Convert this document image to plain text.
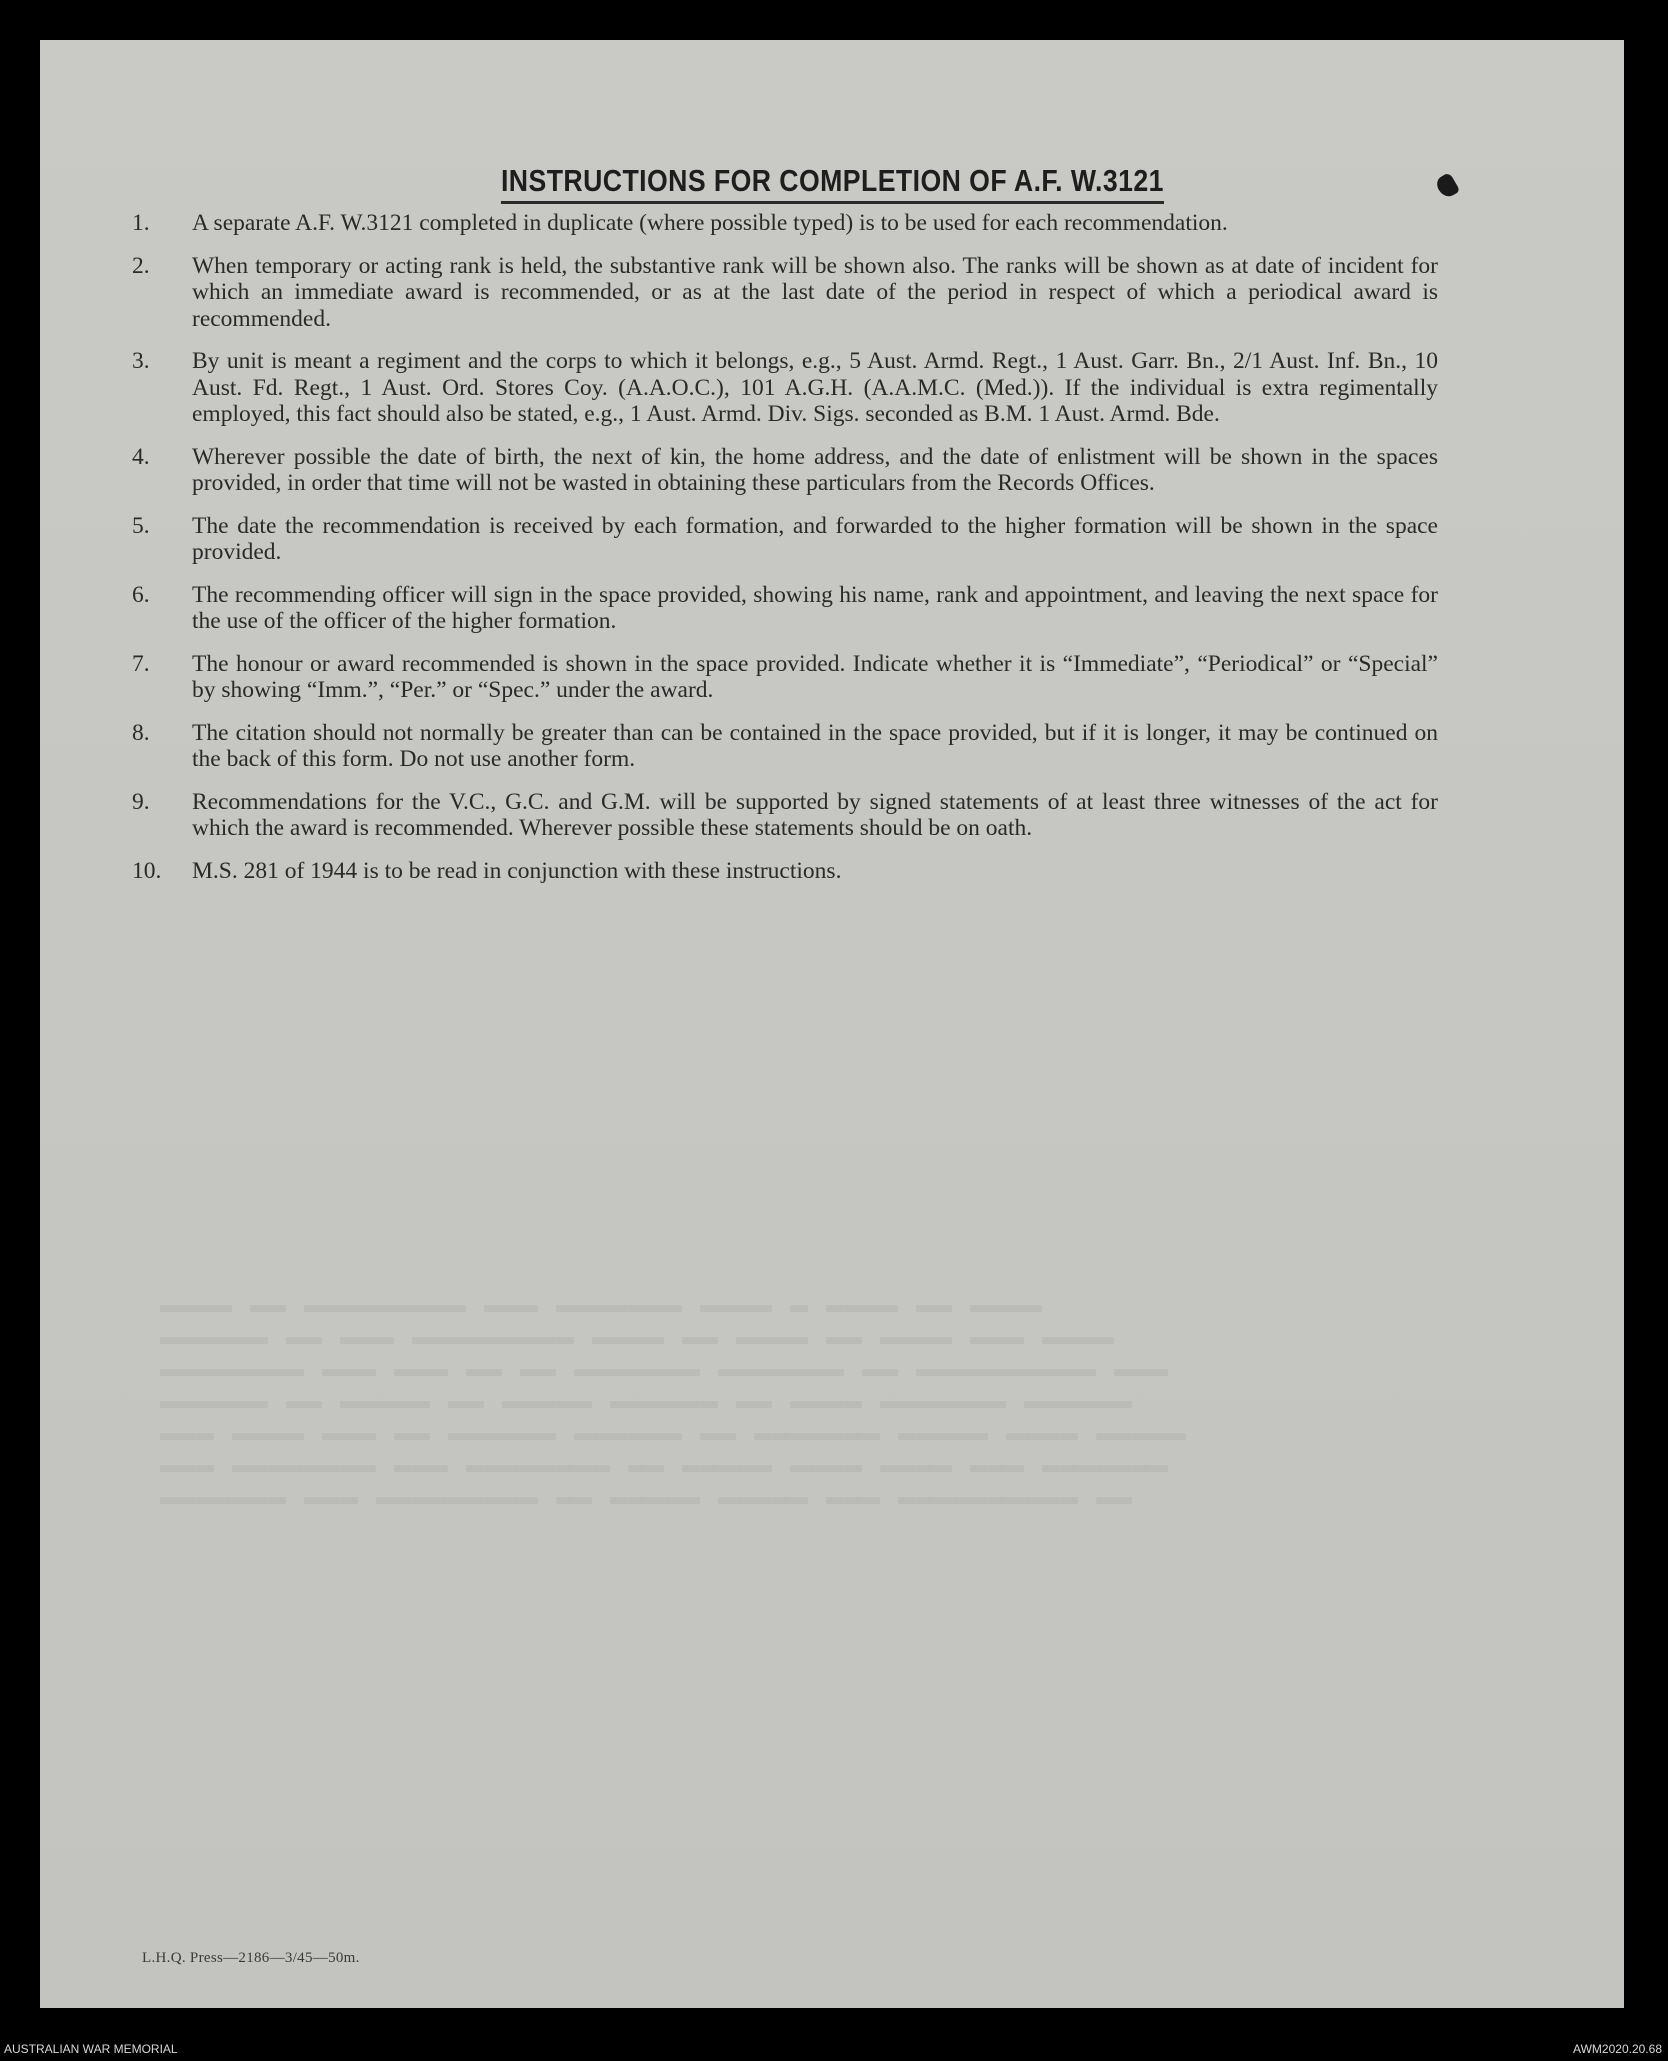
▬▬▬▬ ▬▬ ▬▬▬▬▬▬▬▬▬ ▬▬▬ ▬▬▬▬▬▬▬ ▬▬▬▬ ▬ ▬▬▬▬ ▬▬ ▬▬▬▬
▬▬▬▬▬▬ ▬▬ ▬▬▬ ▬▬▬▬▬▬▬▬▬ ▬▬▬▬ ▬▬ ▬▬▬▬ ▬▬ ▬▬▬▬ ▬▬▬ ▬▬▬▬
▬▬▬▬▬▬▬▬ ▬▬▬ ▬▬▬ ▬▬ ▬▬ ▬▬▬▬▬▬▬ ▬▬▬▬▬▬▬ ▬▬ ▬▬▬▬▬▬▬▬▬▬ ▬▬▬
▬▬▬▬▬▬ ▬▬ ▬▬▬▬▬ ▬▬ ▬▬▬▬▬ ▬▬▬▬▬▬ ▬▬ ▬▬▬▬ ▬▬▬▬▬▬▬ ▬▬▬▬▬▬
▬▬▬ ▬▬▬▬ ▬▬▬ ▬▬ ▬▬▬▬▬▬ ▬▬▬▬▬▬ ▬▬ ▬▬▬▬▬▬▬ ▬▬▬▬▬ ▬▬▬▬ ▬▬▬▬▬
▬▬▬ ▬▬▬▬▬▬▬▬ ▬▬▬ ▬▬▬▬▬▬▬▬ ▬▬ ▬▬▬▬▬ ▬▬▬▬ ▬▬▬▬ ▬▬▬ ▬▬▬▬▬▬▬
▬▬▬▬▬▬▬ ▬▬▬ ▬▬▬▬▬▬▬▬▬ ▬▬ ▬▬▬▬▬ ▬▬▬▬▬ ▬▬▬ ▬▬▬▬▬▬▬▬▬▬ ▬▬
INSTRUCTIONS FOR COMPLETION OF A.F. W.3121
1.	A separate A.F. W.3121 completed in duplicate (where possible typed) is to be used for each recommendation.
2.	When temporary or acting rank is held, the substantive rank will be shown also. The ranks will be shown as at date of incident for which an immediate award is recommended, or as at the last date of the period in respect of which a periodical award is recommended.
3.	By unit is meant a regiment and the corps to which it belongs, e.g., 5 Aust. Armd. Regt., 1 Aust. Garr. Bn., 2/1 Aust. Inf. Bn., 10 Aust. Fd. Regt., 1 Aust. Ord. Stores Coy. (A.A.O.C.), 101 A.G.H. (A.A.M.C. (Med.)). If the individual is extra regimentally employed, this fact should also be stated, e.g., 1 Aust. Armd. Div. Sigs. seconded as B.M. 1 Aust. Armd. Bde.
4.	Wherever possible the date of birth, the next of kin, the home address, and the date of enlistment will be shown in the spaces provided, in order that time will not be wasted in obtaining these particulars from the Records Offices.
5.	The date the recommendation is received by each formation, and forwarded to the higher formation will be shown in the space provided.
6.	The recommending officer will sign in the space provided, showing his name, rank and appointment, and leaving the next space for the use of the officer of the higher formation.
7.	The honour or award recommended is shown in the space provided. Indicate whether it is “Immediate”, “Periodical” or “Special” by showing “Imm.”, “Per.” or “Spec.” under the award.
8.	The citation should not normally be greater than can be contained in the space provided, but if it is longer, it may be continued on the back of this form. Do not use another form.
9.	Recommendations for the V.C., G.C. and G.M. will be supported by signed statements of at least three witnesses of the act for which the award is recommended. Wherever possible these statements should be on oath.
10.	M.S. 281 of 1944 is to be read in conjunction with these instructions.
L.H.Q. Press—2186—3/45—50m.
AUSTRALIAN WAR MEMORIAL	AWM2020.20.68
